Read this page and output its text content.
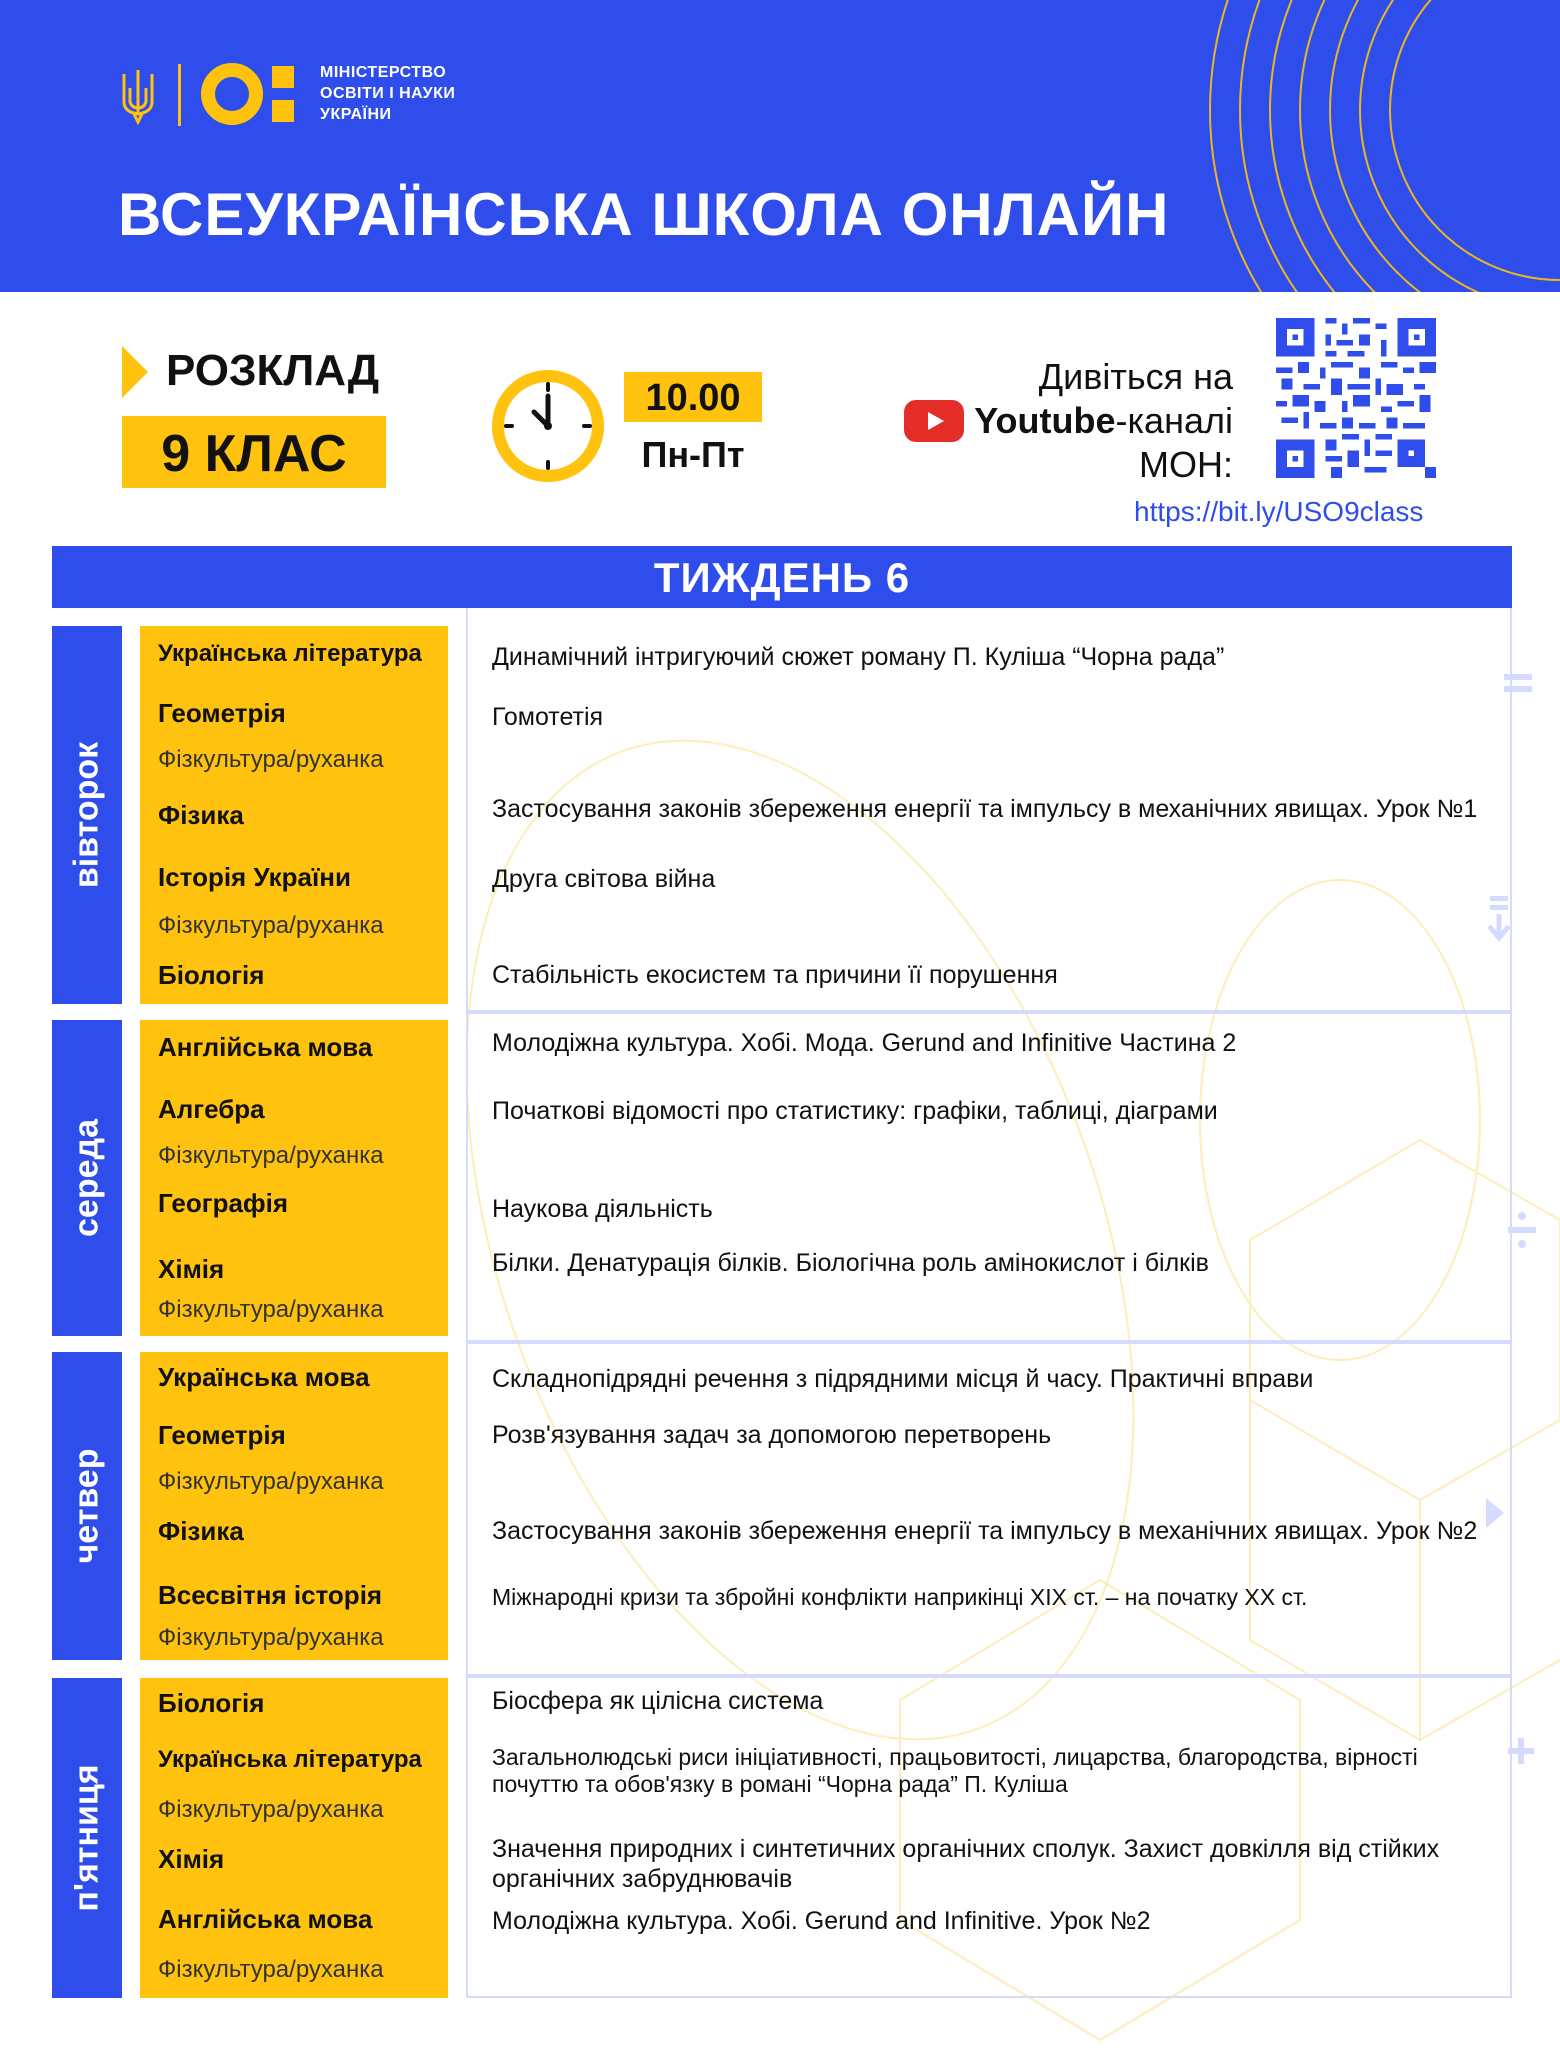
МІНІСТЕРСТВО
ОСВІТИ І НАУКИ
УКРАЇНИ
ВСЕУКРАЇНСЬКА ШКОЛА ОНЛАЙН
РОЗКЛАД
9 КЛАС
10.00
Пн-Пт
Дивіться на
Youtube-каналі
МОН:
https://bit.ly/USO9class
ТИЖДЕНЬ 6
вівторок
Українська література
Геометрія
Фізкультура/руханка
Фізика
Історія України
Фізкультура/руханка
Біологія
Динамічний інтригуючий сюжет роману П. Куліша “Чорна рада”
Гомотетія
Застосування законів збереження енергії та імпульсу в механічних явищах. Урок №1
Друга світова війна
Стабільність екосистем та причини її порушення
середа
Англійська мова
Алгебра
Фізкультура/руханка
Географія
Хімія
Фізкультура/руханка
Молодіжна культура. Хобі. Мода. Gerund and Infinitive Частина 2
Початкові відомості про статистику: графіки, таблиці, діаграми
Наукова діяльність
Білки. Денатурація білків. Біологічна роль амінокислот і білків
четвер
Українська мова
Геометрія
Фізкультура/руханка
Фізика
Всесвітня історія
Фізкультура/руханка
Складнопідрядні речення з підрядними місця й часу. Практичні вправи
Розв'язування задач за допомогою перетворень
Застосування законів збереження енергії та імпульсу в механічних явищах. Урок №2
Міжнародні кризи та збройні конфлікти наприкінці XIX ст. – на початку XX ст.
п'ятниця
Біологія
Українська література
Фізкультура/руханка
Хімія
Англійська мова
Фізкультура/руханка
Біосфера як цілісна система
Загальнолюдські риси ініціативності, працьовитості, лицарства, благородства, вірності почуттю та обов'язку в романі “Чорна рада” П. Куліша
Значення природних і синтетичних органічних сполук. Захист довкілля від стійких органічних забруднювачів
Молодіжна культура. Хобі. Gerund and Infinitive. Урок №2
